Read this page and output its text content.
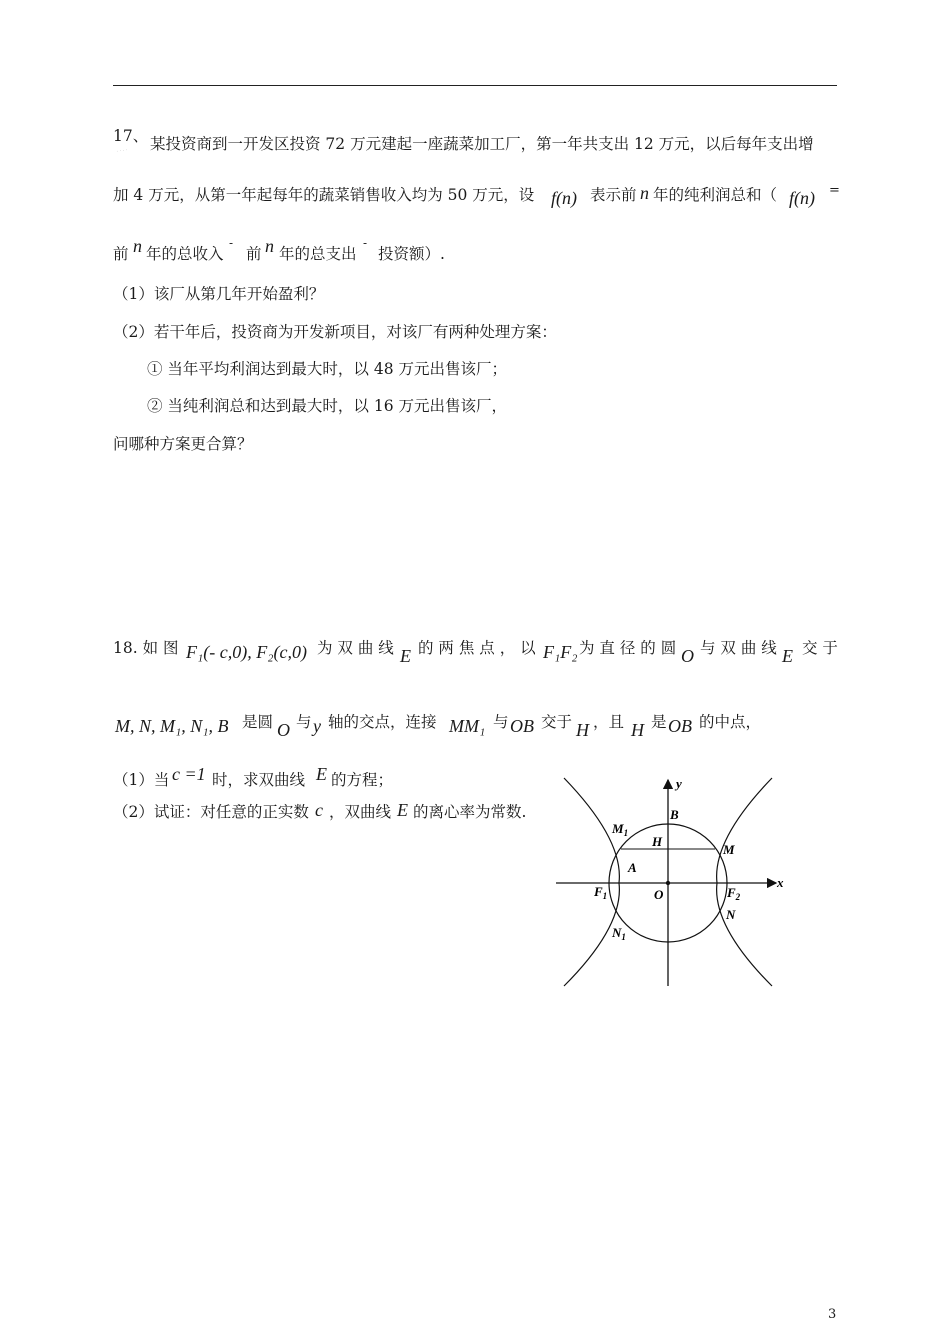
17、
· · · ·	某投资商到一开发区投资 72 万元建起一座蔬菜加工厂，第一年共支出 12 万元，以后每年支出增
加 4 万元，从第一年起每年的蔬菜销售收入均为 50 万元，设 f(n) 表示前 n 年的纯利润总和（ f(n) =
前 n 年的总收入
-
前 n 年的总支出
-
投资额）.
（1）该厂从第几年开始盈利？
（2）若干年后，投资商为开发新项目，对该厂有两种处理方案：
① 当年平均利润达到最大时，以 48 万元出售该厂；
② 当纯利润总和达到最大时，以 16 万元出售该厂，
问哪种方案更合算？
18. 如 图 F₁(- c,0), F₂(c,0) 为 双 曲 线 E 的 两 焦 点 ， 以 F₁F₂ 为 直 径 的 圆 O 与 双 曲 线 E 交 于
M, N, M₁, N₁, B 是圆 O 与 y 轴的交点，连接 MM₁ 与 OB 交于 H ，且 H 是 OB 的中点，
（1）当 c =1 时，求双曲线 E 的方程；
（2）试证：对任意的正实数 c ，双曲线 E 的离心率为常数.
y
x
B
$M_1$
H
M
A
O
$F_1$	$F_2$
N
$N_1$
3
